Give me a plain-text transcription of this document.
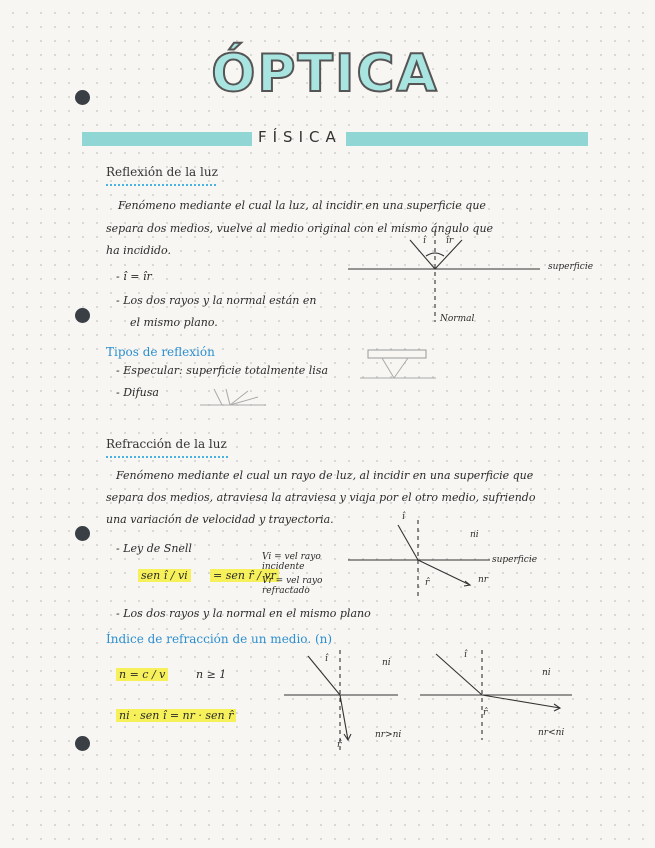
ÓPTICA
FÍSICA
Reflexión de la luz
Fenómeno mediante el cual la luz, al incidir en una superficie que
separa dos medios, vuelve al medio original con el mismo ángulo que
ha incidido.
- î = îr
- Los dos rayos y la normal están en
el mismo plano.
î îr
superficie
Normal
Tipos de reflexión
- Especular: superficie totalmente lisa
- Difusa
Refracción de la luz
Fenómeno mediante el cual un rayo de luz, al incidir en una superficie que
separa dos medios, atraviesa la atraviesa y viaja por el otro medio, sufriendo
una variación de velocidad y trayectoria.
- Ley de Snell
sen î / vi = sen r̂ / vr
Vi = vel rayo incidente
Vr = vel rayo refractado
î
r̂
ni
nr
superficie
- Los dos rayos y la normal en el mismo plano
Índice de refracción de un medio. (n)
n = c / v	n ≥ 1
ni · sen î = nr · sen r̂
î
r̂
ni
nr>ni
î
r̂
ni
nr<ni
